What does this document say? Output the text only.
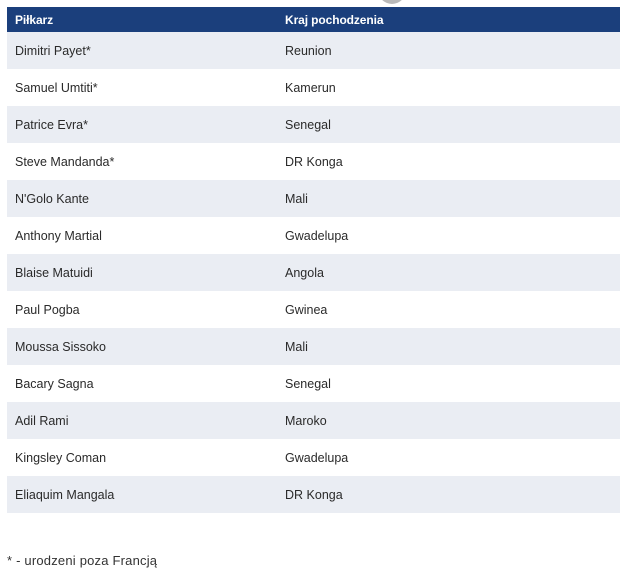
Piłkarz	Kraj pochodzenia
Dimitri Payet*	Reunion
Samuel Umtiti*	Kamerun
Patrice Evra*	Senegal
Steve Mandanda*	DR Konga
N'Golo Kante	Mali
Anthony Martial	Gwadelupa
Blaise Matuidi	Angola
Paul Pogba	Gwinea
Moussa Sissoko	Mali
Bacary Sagna	Senegal
Adil Rami	Maroko
Kingsley Coman	Gwadelupa
Eliaquim Mangala	DR Konga
* - urodzeni poza Francją
